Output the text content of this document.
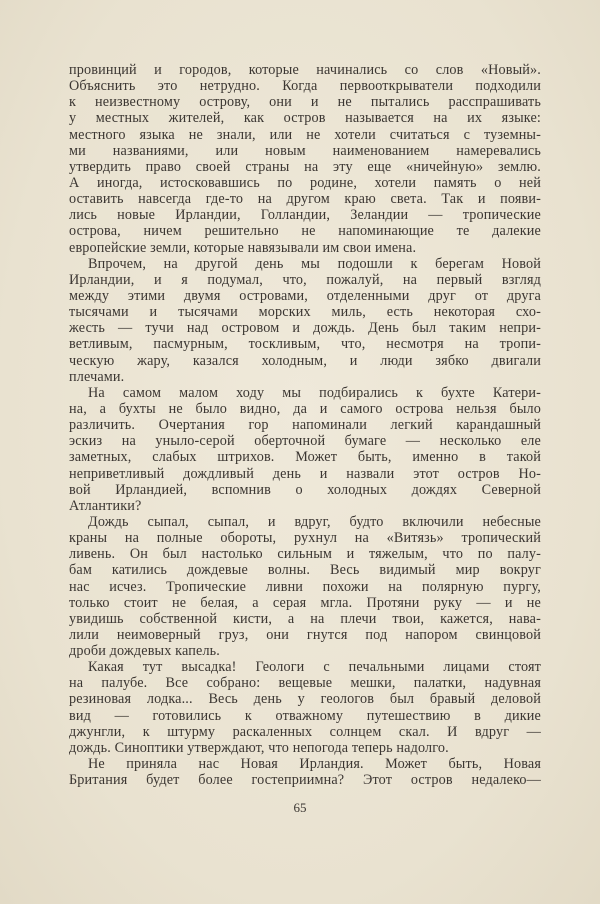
провинций и городов, которые начинались со слов «Новый».
Объяснить это нетрудно. Когда первооткрыватели подходили
к неизвестному острову, они и не пытались расспрашивать
у местных жителей, как остров называется на их языке:
местного языка не знали, или не хотели считаться с туземны-
ми названиями, или новым наименованием намеревались
утвердить право своей страны на эту еще «ничейную» землю.
А иногда, истосковавшись по родине, хотели память о ней
оставить навсегда где-то на другом краю света. Так и появи-
лись новые Ирландии, Голландии, Зеландии — тропические
острова, ничем решительно не напоминающие те далекие
европейские земли, которые навязывали им свои имена.
Впрочем, на другой день мы подошли к берегам Новой
Ирландии, и я подумал, что, пожалуй, на первый взгляд
между этими двумя островами, отделенными друг от друга
тысячами и тысячами морских миль, есть некоторая схо-
жесть — тучи над островом и дождь. День был таким непри-
ветливым, пасмурным, тоскливым, что, несмотря на тропи-
ческую жару, казался холодным, и люди зябко двигали
плечами.
На самом малом ходу мы подбирались к бухте Катери-
на, а бухты не было видно, да и самого острова нельзя было
различить. Очертания гор напоминали легкий карандашный
эскиз на уныло-серой оберточной бумаге — несколько еле
заметных, слабых штрихов. Может быть, именно в такой
неприветливый дождливый день и назвали этот остров Но-
вой Ирландией, вспомнив о холодных дождях Северной
Атлантики?
Дождь сыпал, сыпал, и вдруг, будто включили небесные
краны на полные обороты, рухнул на «Витязь» тропический
ливень. Он был настолько сильным и тяжелым, что по палу-
бам катились дождевые волны. Весь видимый мир вокруг
нас исчез. Тропические ливни похожи на полярную пургу,
только стоит не белая, а серая мгла. Протяни руку — и не
увидишь собственной кисти, а на плечи твои, кажется, нава-
лили неимоверный груз, они гнутся под напором свинцовой
дроби дождевых капель.
Какая тут высадка! Геологи с печальными лицами стоят
на палубе. Все собрано: вещевые мешки, палатки, надувная
резиновая лодка... Весь день у геологов был бравый деловой
вид — готовились к отважному путешествию в дикие
джунгли, к штурму раскаленных солнцем скал. И вдруг —
дождь. Синоптики утверждают, что непогода теперь надолго.
Не приняла нас Новая Ирландия. Может быть, Новая
Британия будет более гостеприимна? Этот остров недалеко—
65
